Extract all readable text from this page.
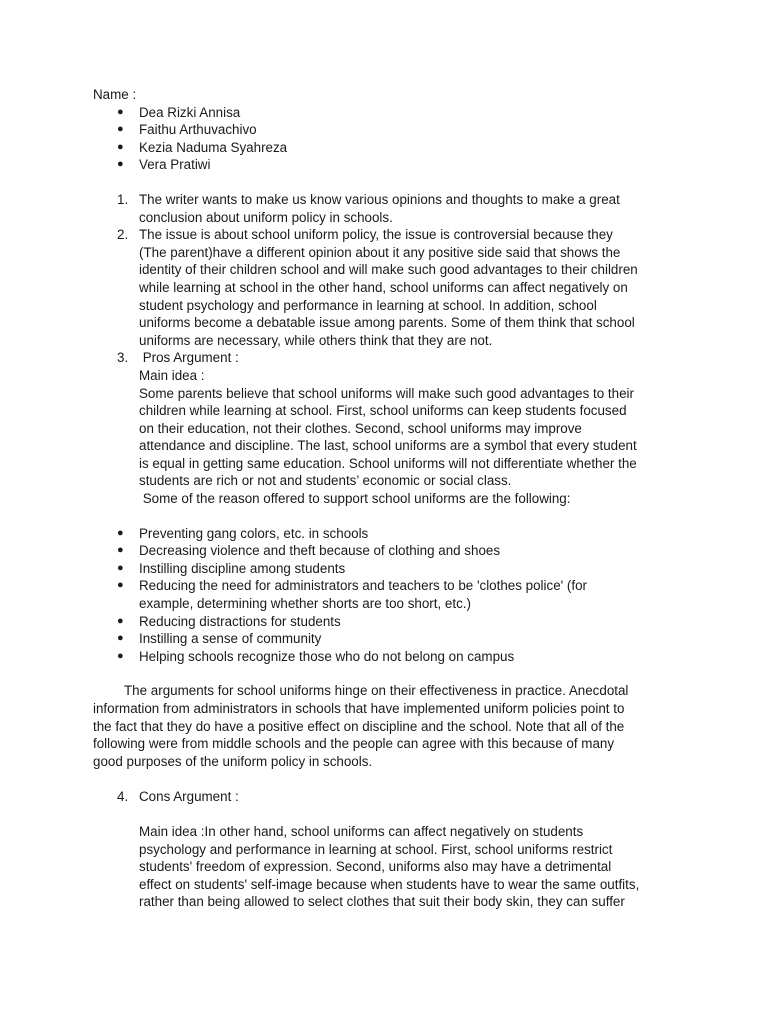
Name :
● Dea Rizki Annisa
● Faithu Arthuvachivo
● Kezia Naduma Syahreza
● Vera Pratiwi
1. The writer wants to make us know various opinions and thoughts to make a great
conclusion about uniform policy in schools.
2. The issue is about school uniform policy, the issue is controversial because they
(The parent)have a different opinion about it any positive side said that shows the
identity of their children school and will make such good advantages to their children
while learning at school in the other hand, school uniforms can affect negatively on
student psychology and performance in learning at school. In addition, school
uniforms become a debatable issue among parents. Some of them think that school
uniforms are necessary, while others think that they are not.
3. Pros Argument :
Main idea :
Some parents believe that school uniforms will make such good advantages to their
children while learning at school. First, school uniforms can keep students focused
on their education, not their clothes. Second, school uniforms may improve
attendance and discipline. The last, school uniforms are a symbol that every student
is equal in getting same education. School uniforms will not differentiate whether the
students are rich or not and students’ economic or social class.
Some of the reason offered to support school uniforms are the following:
● Preventing gang colors, etc. in schools
● Decreasing violence and theft because of clothing and shoes
● Instilling discipline among students
● Reducing the need for administrators and teachers to be 'clothes police' (for
example, determining whether shorts are too short, etc.)
● Reducing distractions for students
● Instilling a sense of community
● Helping schools recognize those who do not belong on campus
The arguments for school uniforms hinge on their effectiveness in practice. Anecdotal
information from administrators in schools that have implemented uniform policies point to
the fact that they do have a positive effect on discipline and the school. Note that all of the
following were from middle schools and the people can agree with this because of many
good purposes of the uniform policy in schools.
4. Cons Argument :
Main idea :In other hand, school uniforms can affect negatively on students
psychology and performance in learning at school. First, school uniforms restrict
students' freedom of expression. Second, uniforms also may have a detrimental
effect on students' self-image because when students have to wear the same outfits,
rather than being allowed to select clothes that suit their body skin, they can suffer
